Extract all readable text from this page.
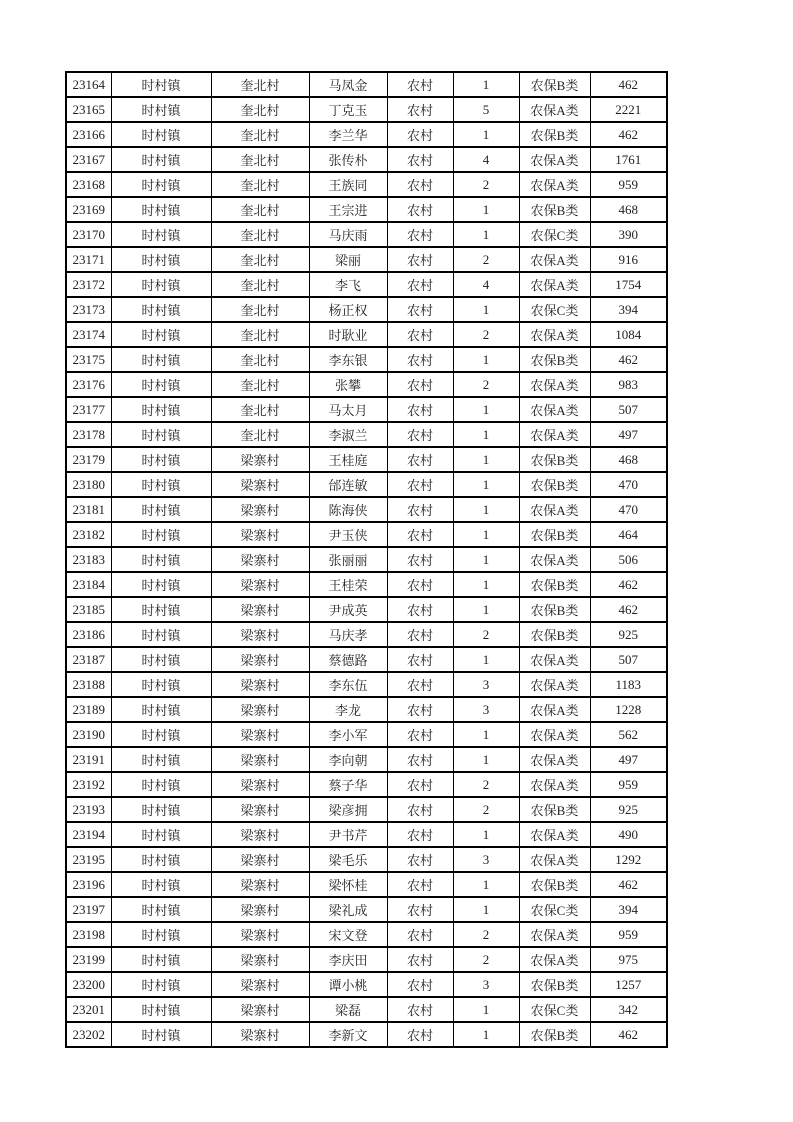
23164	时村镇	奎北村	马凤金	农村	1	农保B类	462
23165	时村镇	奎北村	丁克玉	农村	5	农保A类	2221
23166	时村镇	奎北村	李兰华	农村	1	农保B类	462
23167	时村镇	奎北村	张传朴	农村	4	农保A类	1761
23168	时村镇	奎北村	王族同	农村	2	农保A类	959
23169	时村镇	奎北村	王宗进	农村	1	农保B类	468
23170	时村镇	奎北村	马庆雨	农村	1	农保C类	390
23171	时村镇	奎北村	梁丽	农村	2	农保A类	916
23172	时村镇	奎北村	李飞	农村	4	农保A类	1754
23173	时村镇	奎北村	杨正权	农村	1	农保C类	394
23174	时村镇	奎北村	时耿业	农村	2	农保A类	1084
23175	时村镇	奎北村	李东银	农村	1	农保B类	462
23176	时村镇	奎北村	张攀	农村	2	农保A类	983
23177	时村镇	奎北村	马太月	农村	1	农保A类	507
23178	时村镇	奎北村	李淑兰	农村	1	农保A类	497
23179	时村镇	梁寨村	王桂庭	农村	1	农保B类	468
23180	时村镇	梁寨村	邰连敏	农村	1	农保B类	470
23181	时村镇	梁寨村	陈海侠	农村	1	农保A类	470
23182	时村镇	梁寨村	尹玉侠	农村	1	农保B类	464
23183	时村镇	梁寨村	张丽丽	农村	1	农保A类	506
23184	时村镇	梁寨村	王桂荣	农村	1	农保B类	462
23185	时村镇	梁寨村	尹成英	农村	1	农保B类	462
23186	时村镇	梁寨村	马庆孝	农村	2	农保B类	925
23187	时村镇	梁寨村	蔡德路	农村	1	农保A类	507
23188	时村镇	梁寨村	李东伍	农村	3	农保A类	1183
23189	时村镇	梁寨村	李龙	农村	3	农保A类	1228
23190	时村镇	梁寨村	李小军	农村	1	农保A类	562
23191	时村镇	梁寨村	李向朝	农村	1	农保A类	497
23192	时村镇	梁寨村	蔡子华	农村	2	农保A类	959
23193	时村镇	梁寨村	梁彦拥	农村	2	农保B类	925
23194	时村镇	梁寨村	尹书芹	农村	1	农保A类	490
23195	时村镇	梁寨村	梁毛乐	农村	3	农保A类	1292
23196	时村镇	梁寨村	梁怀桂	农村	1	农保B类	462
23197	时村镇	梁寨村	梁礼成	农村	1	农保C类	394
23198	时村镇	梁寨村	宋文登	农村	2	农保A类	959
23199	时村镇	梁寨村	李庆田	农村	2	农保A类	975
23200	时村镇	梁寨村	谭小桃	农村	3	农保B类	1257
23201	时村镇	梁寨村	梁磊	农村	1	农保C类	342
23202	时村镇	梁寨村	李新文	农村	1	农保B类	462
